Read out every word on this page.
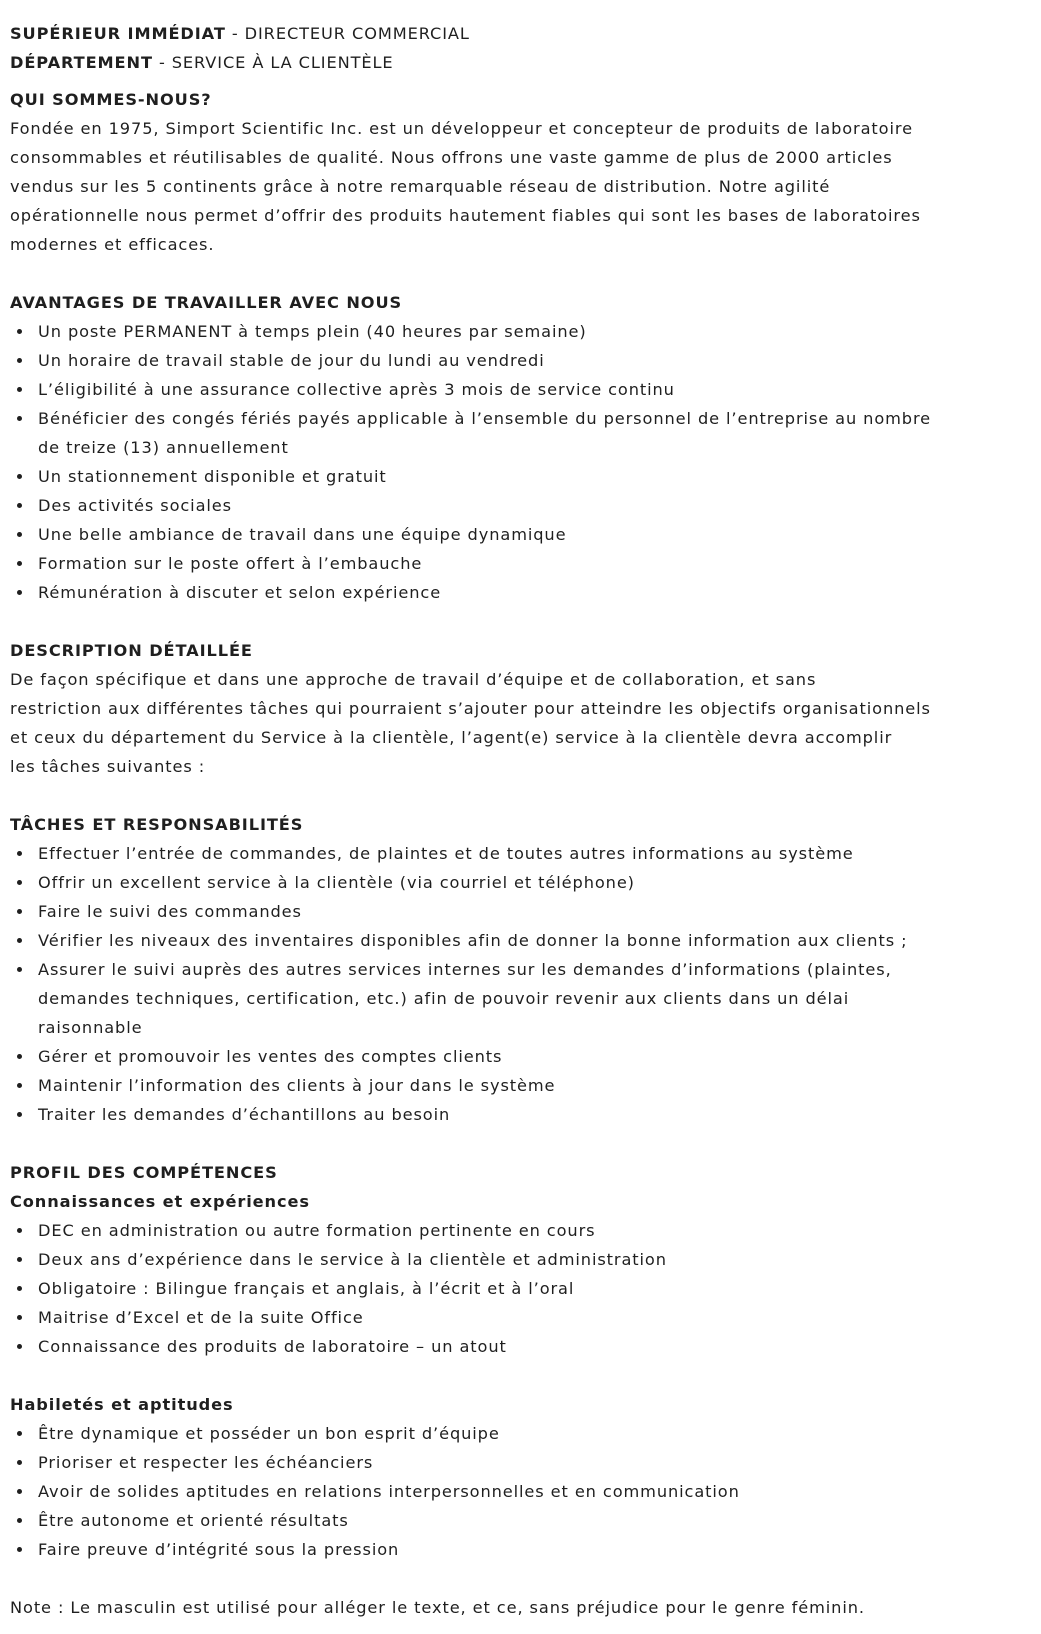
SUPÉRIEUR IMMÉDIAT - DIRECTEUR COMMERCIAL
DÉPARTEMENT - SERVICE À LA CLIENTÈLE
QUI SOMMES-NOUS?
Fondée en 1975, Simport Scientific Inc. est un développeur et concepteur de produits de laboratoire
consommables et réutilisables de qualité. Nous offrons une vaste gamme de plus de 2000 articles
vendus sur les 5 continents grâce à notre remarquable réseau de distribution. Notre agilité
opérationnelle nous permet d’offrir des produits hautement fiables qui sont les bases de laboratoires
modernes et efficaces.
AVANTAGES DE TRAVAILLER AVEC NOUS
Un poste PERMANENT à temps plein (40 heures par semaine)
Un horaire de travail stable de jour du lundi au vendredi
L’éligibilité à une assurance collective après 3 mois de service continu
Bénéficier des congés fériés payés applicable à l’ensemble du personnel de l’entreprise au nombre
de treize (13) annuellement
Un stationnement disponible et gratuit
Des activités sociales
Une belle ambiance de travail dans une équipe dynamique
Formation sur le poste offert à l’embauche
Rémunération à discuter et selon expérience
DESCRIPTION DÉTAILLÉE
De façon spécifique et dans une approche de travail d’équipe et de collaboration, et sans
restriction aux différentes tâches qui pourraient s’ajouter pour atteindre les objectifs organisationnels
et ceux du département du Service à la clientèle, l’agent(e) service à la clientèle devra accomplir
les tâches suivantes :
TÂCHES ET RESPONSABILITÉS
Effectuer l’entrée de commandes, de plaintes et de toutes autres informations au système
Offrir un excellent service à la clientèle (via courriel et téléphone)
Faire le suivi des commandes
Vérifier les niveaux des inventaires disponibles afin de donner la bonne information aux clients ;
Assurer le suivi auprès des autres services internes sur les demandes d’informations (plaintes,
demandes techniques, certification, etc.) afin de pouvoir revenir aux clients dans un délai
raisonnable
Gérer et promouvoir les ventes des comptes clients
Maintenir l’information des clients à jour dans le système
Traiter les demandes d’échantillons au besoin
PROFIL DES COMPÉTENCES
Connaissances et expériences
DEC en administration ou autre formation pertinente en cours
Deux ans d’expérience dans le service à la clientèle et administration
Obligatoire : Bilingue français et anglais, à l’écrit et à l’oral
Maitrise d’Excel et de la suite Office
Connaissance des produits de laboratoire – un atout
Habiletés et aptitudes
Être dynamique et posséder un bon esprit d’équipe
Prioriser et respecter les échéanciers
Avoir de solides aptitudes en relations interpersonnelles et en communication
Être autonome et orienté résultats
Faire preuve d’intégrité sous la pression
Note : Le masculin est utilisé pour alléger le texte, et ce, sans préjudice pour le genre féminin.
